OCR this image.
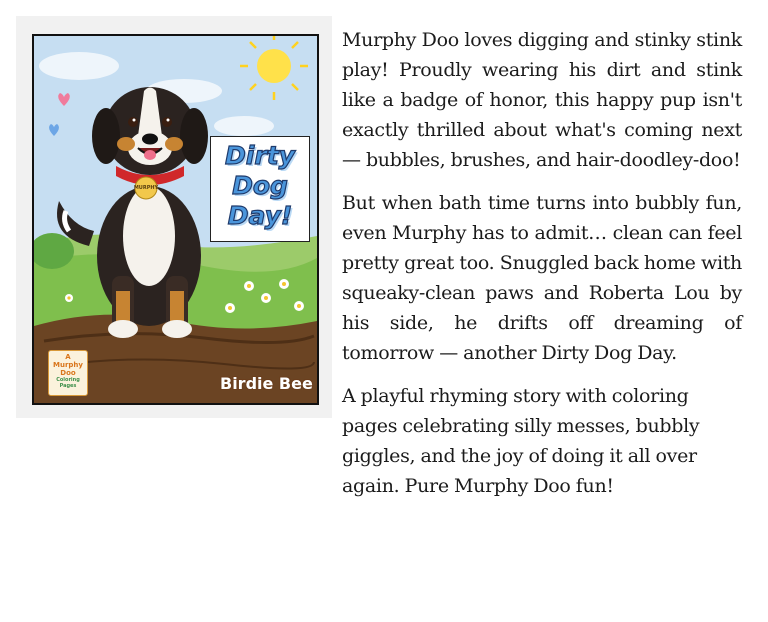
MURPHY
Dirty
Dog
Day!
A
Murphy
Doo
Coloring
Pages	Birdie Bee

Murphy Doo loves digging and stinky stink play! Proudly wearing his dirt and stink like a badge of honor, this happy pup isn't exactly thrilled about what's coming next — bubbles, brushes, and hair-doodley-doo!

But when bath time turns into bubbly fun, even Murphy has to admit… clean can feel pretty great too. Snuggled back home with squeaky-clean paws and Roberta Lou by his side, he drifts off dreaming of tomorrow — another Dirty Dog Day.

A playful rhyming story with coloring pages celebrating silly messes, bubbly giggles, and the joy of doing it all over again. Pure Murphy Doo fun!
